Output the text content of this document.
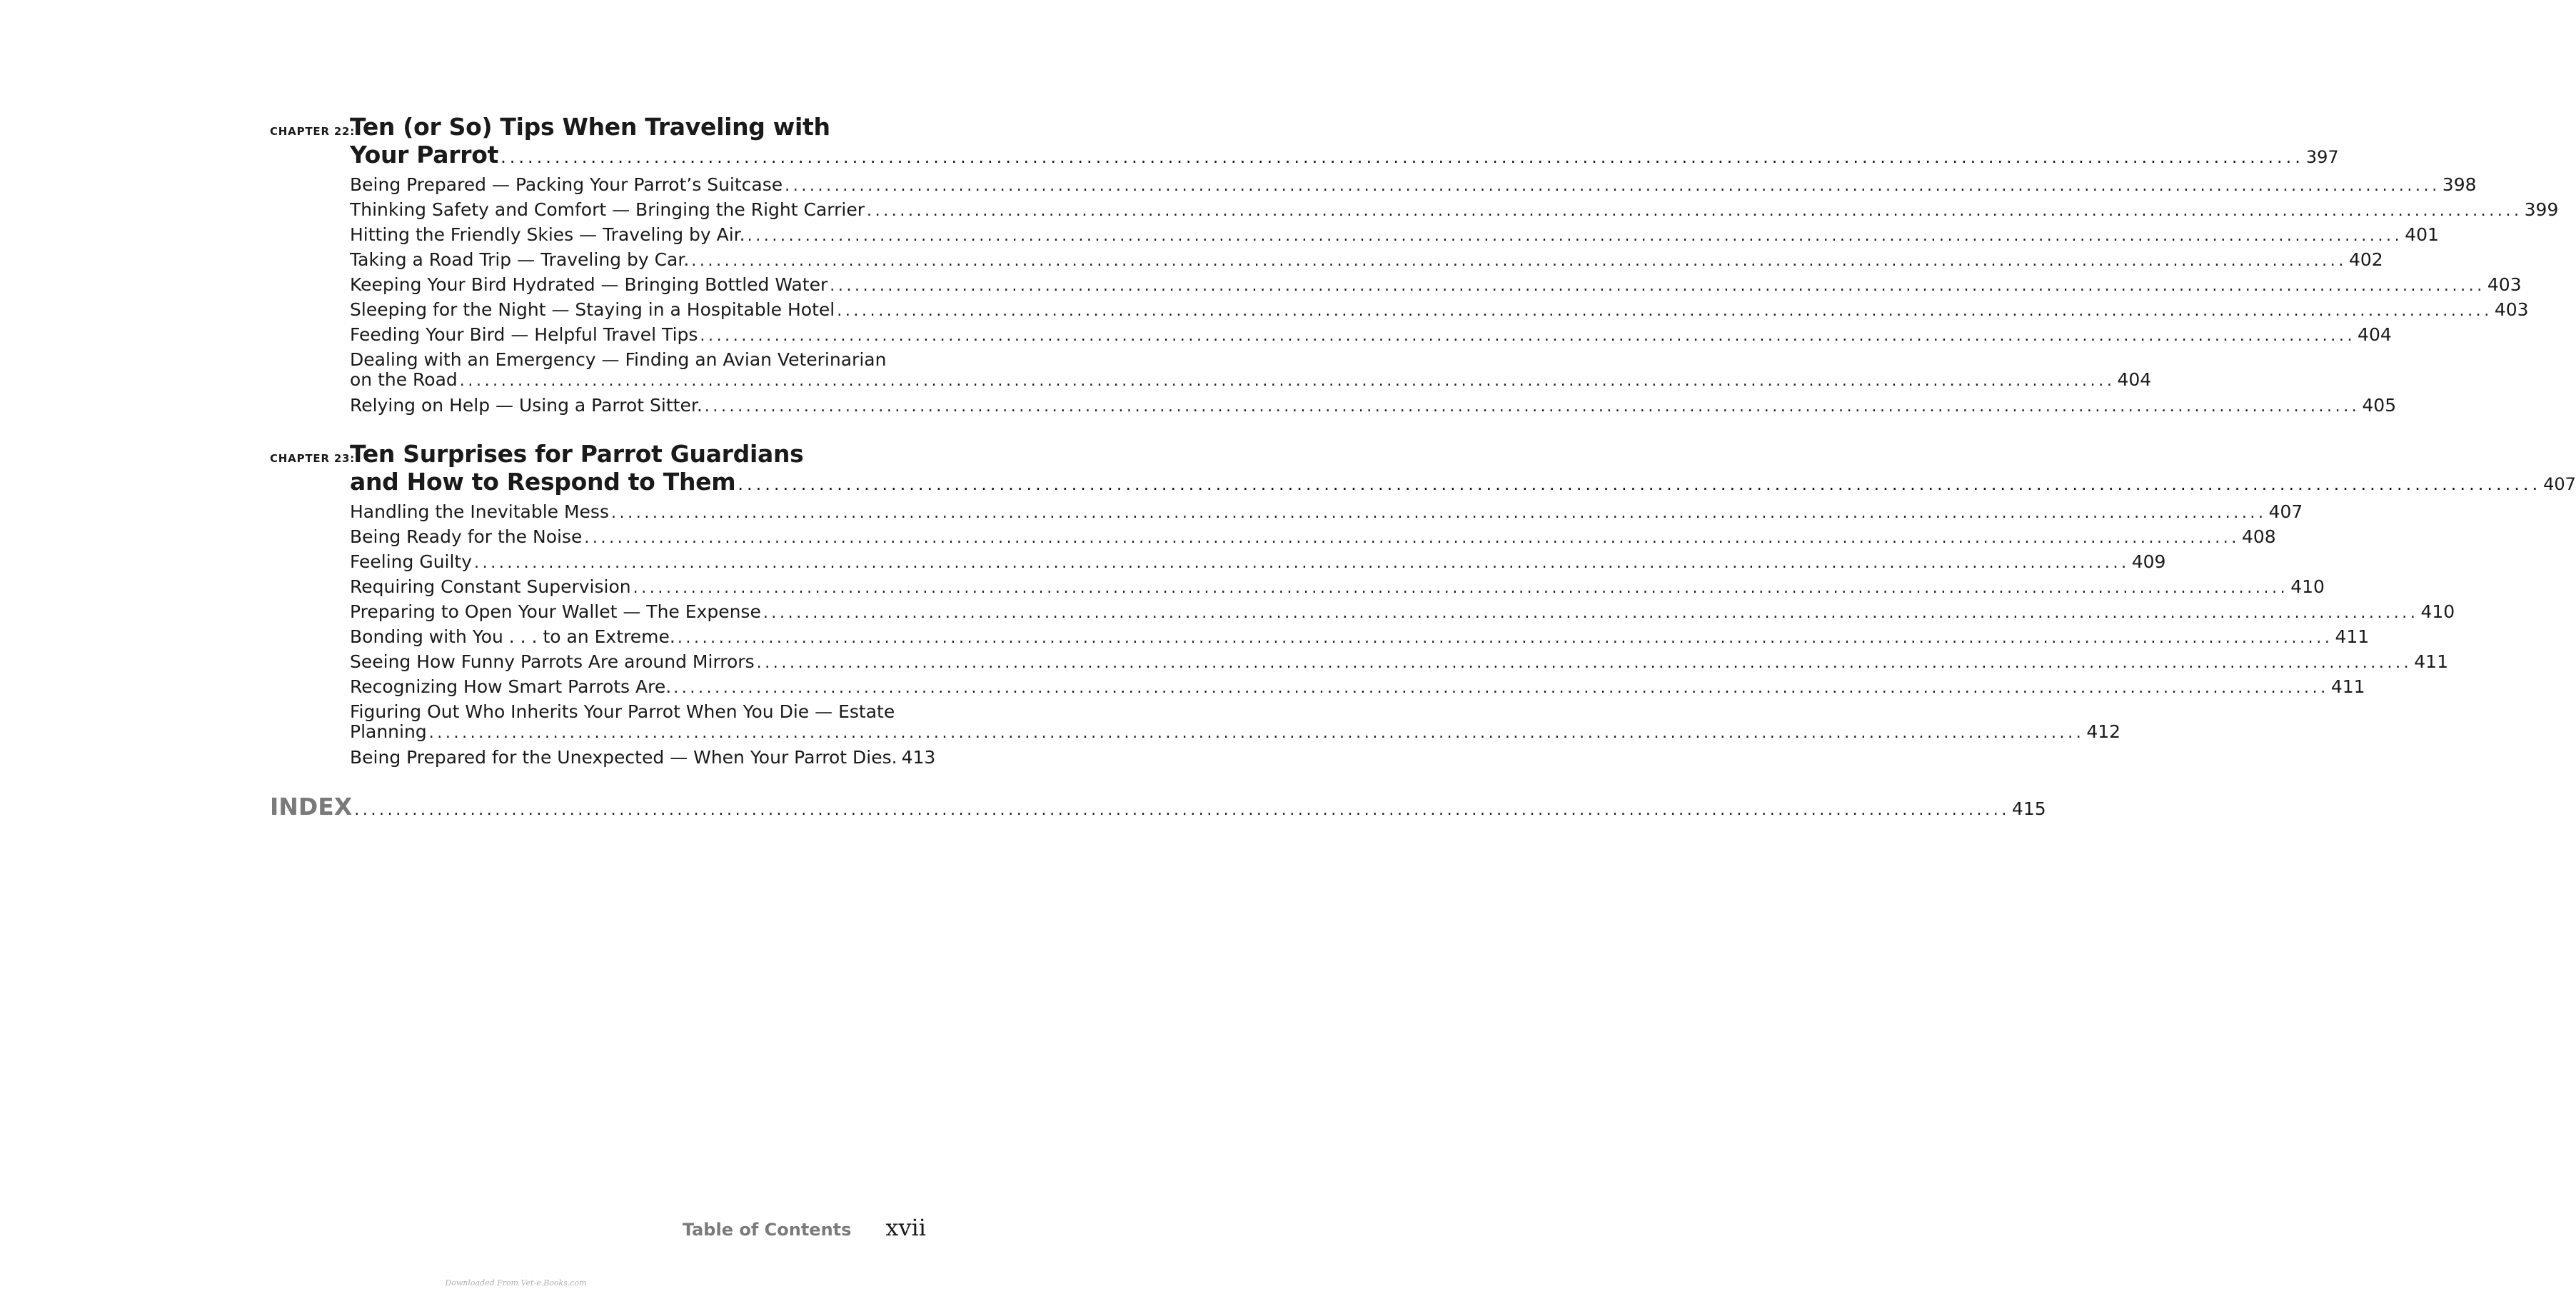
CHAPTER 22:
Ten (or So) Tips When Traveling with
Your Parrot ........................................................................................................................................................................................................ 397
Being Prepared — Packing Your Parrot’s Suitcase ........................................................................................................................................................................................................ 398
Thinking Safety and Comfort — Bringing the Right Carrier ........................................................................................................................................................................................................ 399
Hitting the Friendly Skies — Traveling by Air. ........................................................................................................................................................................................................ 401
Taking a Road Trip — Traveling by Car. ........................................................................................................................................................................................................ 402
Keeping Your Bird Hydrated — Bringing Bottled Water ........................................................................................................................................................................................................ 403
Sleeping for the Night — Staying in a Hospitable Hotel ........................................................................................................................................................................................................ 403
Feeding Your Bird — Helpful Travel Tips ........................................................................................................................................................................................................ 404
Dealing with an Emergency — Finding an Avian Veterinarian
on the Road ........................................................................................................................................................................................................ 404
Relying on Help — Using a Parrot Sitter. ........................................................................................................................................................................................................ 405
CHAPTER 23:
Ten Surprises for Parrot Guardians
and How to Respond to Them ........................................................................................................................................................................................................ 407
Handling the Inevitable Mess ........................................................................................................................................................................................................ 407
Being Ready for the Noise ........................................................................................................................................................................................................ 408
Feeling Guilty ........................................................................................................................................................................................................ 409
Requiring Constant Supervision ........................................................................................................................................................................................................ 410
Preparing to Open Your Wallet — The Expense ........................................................................................................................................................................................................ 410
Bonding with You . . . to an Extreme. ........................................................................................................................................................................................................ 411
Seeing How Funny Parrots Are around Mirrors ........................................................................................................................................................................................................ 411
Recognizing How Smart Parrots Are. ........................................................................................................................................................................................................ 411
Figuring Out Who Inherits Your Parrot When You Die — Estate
Planning ........................................................................................................................................................................................................ 412
Being Prepared for the Unexpected — When Your Parrot Dies. 413
INDEX ........................................................................................................................................................................................................ 415
Table of Contents xvii
Downloaded From Vet-e.Books.com
